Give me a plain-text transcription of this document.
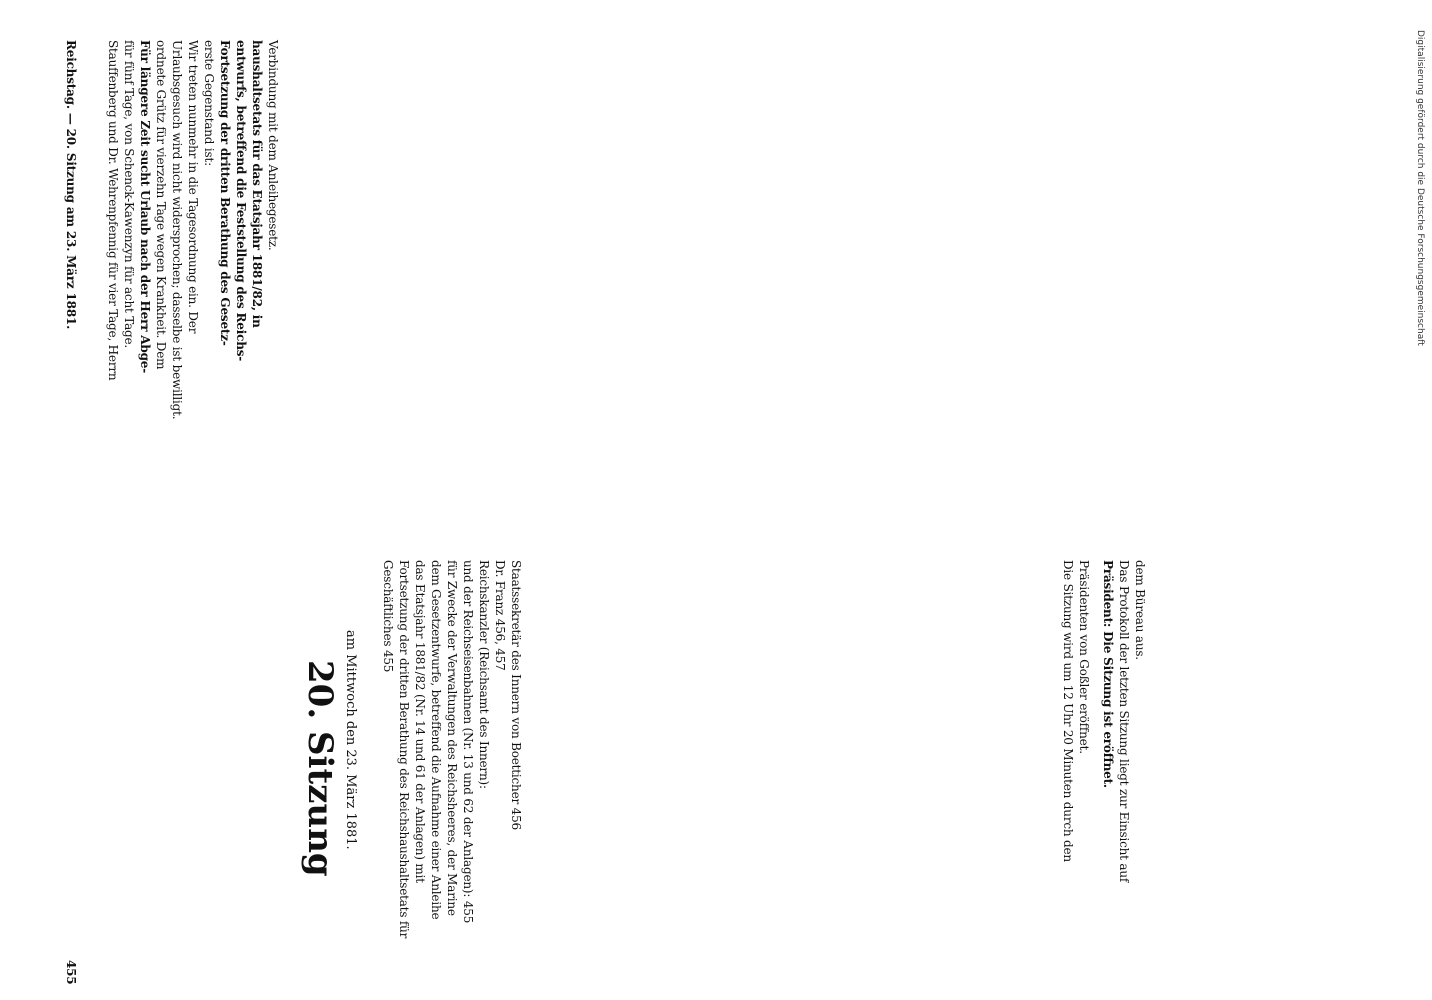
Reichstag. — 20. Sitzung am 23. März 1881.
455
20. Sitzung am Mittwoch den 23. März 1881.
Geschäftliches 455 Fortsetzung der dritten Berathung des Reichshaushaltsetats für das Etatsjahr 1881/82 (Nr. 14 und 61 der Anlagen) mit dem Gesetzentwurfe, betreffend die Aufnahme einer Anleihe für Zwecke der Verwaltungen des Reichsheeres, der Marine und der Reichseisenbahnen (Nr. 13 und 62 der Anlagen): 455
Reichskanzler (Reichsamt des Innern): Dr. Franz 456, 457 Staatssekretär des Innern von Boetticher 456
Stauffenberg und Dr. Wehrenpfennig für vier Tage, Herrn für fünf Tage, von Schenck-Kawenzyn für acht Tage. Für längere Zeit sucht Urlaub nach der Herr Abge- ordnete Grütz für vierzehn Tage wegen Krankheit. Dem Urlaubsgesuch wird nicht widersprochen; dasselbe ist bewilligt. Wir treten nunmehr in die Tagesordnung ein. Der erste Gegenstand ist: Fortsetzung der dritten Berathung des Gesetz- entwurfs, betreffend die Feststellung des Reichs- haushaltsetats für das Etatsjahr 1881/82, in Verbindung mit dem Anleihegesetz.
Die Sitzung wird um 12 Uhr 20 Minuten durch den Präsidenten von Goßler eröffnet. Präsident: Die Sitzung ist eröffnet. Das Protokoll der letzten Sitzung liegt zur Einsicht auf dem Büreau aus.
Digitalisierung gefördert durch die Deutsche Forschungsgemeinschaft
